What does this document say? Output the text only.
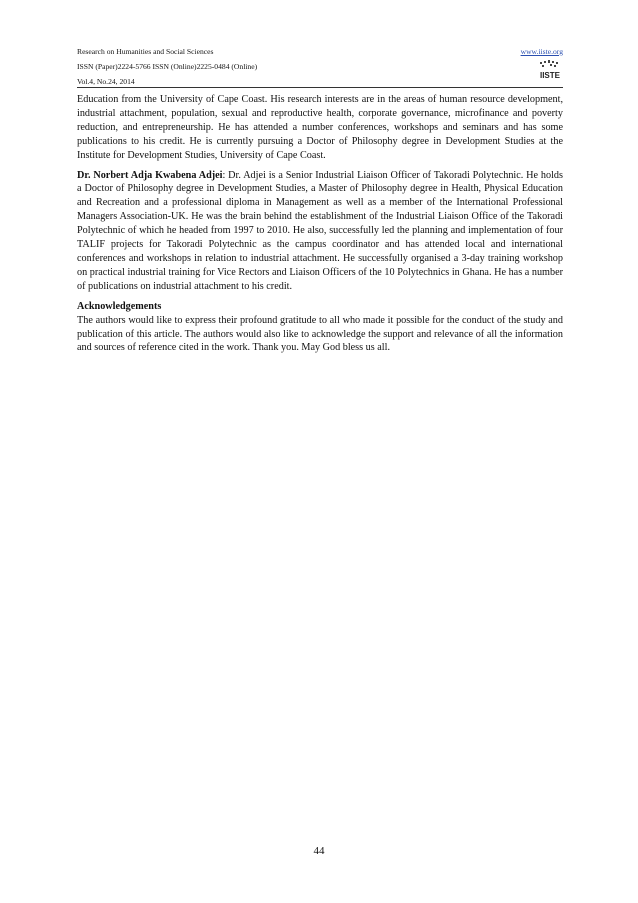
Research on Humanities and Social Sciences
ISSN (Paper)2224-5766 ISSN (Online)2225-0484 (Online)
Vol.4, No.24, 2014
www.iiste.org
IISTE

Education from the University of Cape Coast. His research interests are in the areas of human resource development, industrial attachment, population, sexual and reproductive health, corporate governance, microfinance and poverty reduction, and entrepreneurship. He has attended a number conferences, workshops and seminars and has some publications to his credit. He is currently pursuing a Doctor of Philosophy degree in Development Studies at the Institute for Development Studies, University of Cape Coast.

Dr. Norbert Adja Kwabena Adjei: Dr. Adjei is a Senior Industrial Liaison Officer of Takoradi Polytechnic. He holds a Doctor of Philosophy degree in Development Studies, a Master of Philosophy degree in Health, Physical Education and Recreation and a professional diploma in Management as well as a member of the International Professional Managers Association-UK. He was the brain behind the establishment of the Industrial Liaison Office of the Takoradi Polytechnic of which he headed from 1997 to 2010. He also, successfully led the planning and implementation of four TALIF projects for Takoradi Polytechnic as the campus coordinator and has attended local and international conferences and workshops in relation to industrial attachment. He successfully organised a 3-day training workshop on practical industrial training for Vice Rectors and Liaison Officers of the 10 Polytechnics in Ghana. He has a number of publications on industrial attachment to his credit.

Acknowledgements

The authors would like to express their profound gratitude to all who made it possible for the conduct of the study and publication of this article. The authors would also like to acknowledge the support and relevance of all the information and sources of reference cited in the work. Thank you. May God bless us all.

44
